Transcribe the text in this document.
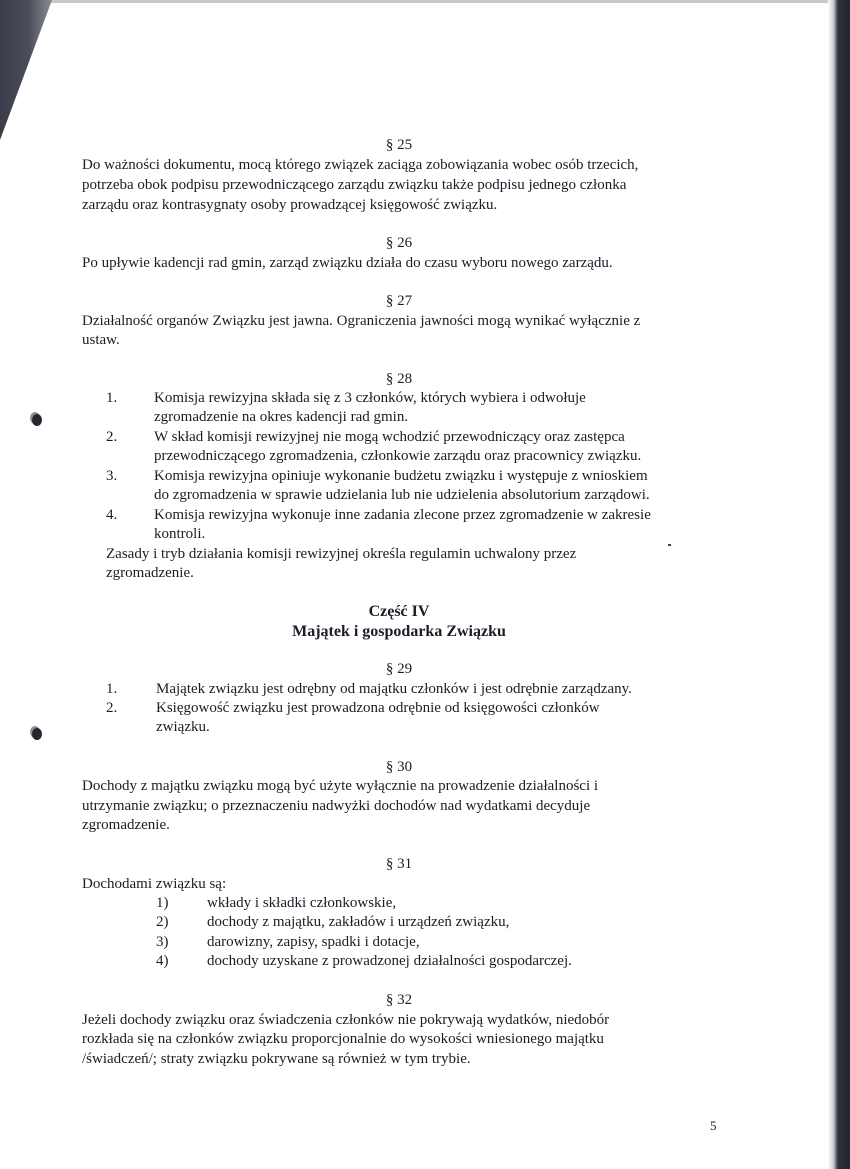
§ 25

Do ważności dokumentu, mocą którego związek zaciąga zobowiązania wobec osób trzecich,

potrzeba obok podpisu przewodniczącego zarządu związku także podpisu jednego członka

zarządu oraz kontrasygnaty osoby prowadzącej księgowość związku.

§ 26

Po upływie kadencji rad gmin, zarząd związku działa do czasu wyboru nowego zarządu.

§ 27

Działalność organów Związku jest jawna. Ograniczenia jawności mogą wynikać wyłącznie z

ustaw.

§ 28

1. Komisja rewizyjna składa się z 3 członków, których wybiera i odwołuje

zgromadzenie na okres kadencji rad gmin.

2. W skład komisji rewizyjnej nie mogą wchodzić przewodniczący oraz zastępca

przewodniczącego zgromadzenia, członkowie zarządu oraz pracownicy związku.

3. Komisja rewizyjna opiniuje wykonanie budżetu związku i występuje z wnioskiem

do zgromadzenia w sprawie udzielania lub nie udzielenia absolutorium zarządowi.

4. Komisja rewizyjna wykonuje inne zadania zlecone przez zgromadzenie w zakresie

kontroli.

Zasady i tryb działania komisji rewizyjnej określa regulamin uchwalony przez

zgromadzenie.

Część IV

Majątek i gospodarka Związku

§ 29

1.	Majątek związku jest odrębny od majątku członków i jest odrębnie zarządzany.

2.	Księgowość związku jest prowadzona odrębnie od księgowości członków

związku.

§ 30

Dochody z majątku związku mogą być użyte wyłącznie na prowadzenie działalności i

utrzymanie związku; o przeznaczeniu nadwyżki dochodów nad wydatkami decyduje

zgromadzenie.

§ 31

Dochodami związku są:

1)	wkłady i składki członkowskie,

2)	dochody z majątku, zakładów i urządzeń związku,

3)	darowizny, zapisy, spadki i dotacje,

4)	dochody uzyskane z prowadzonej działalności gospodarczej.

§ 32

Jeżeli dochody związku oraz świadczenia członków nie pokrywają wydatków, niedobór

rozkłada się na członków związku proporcjonalnie do wysokości wniesionego majątku

/świadczeń/; straty związku pokrywane są również w tym trybie.

5
